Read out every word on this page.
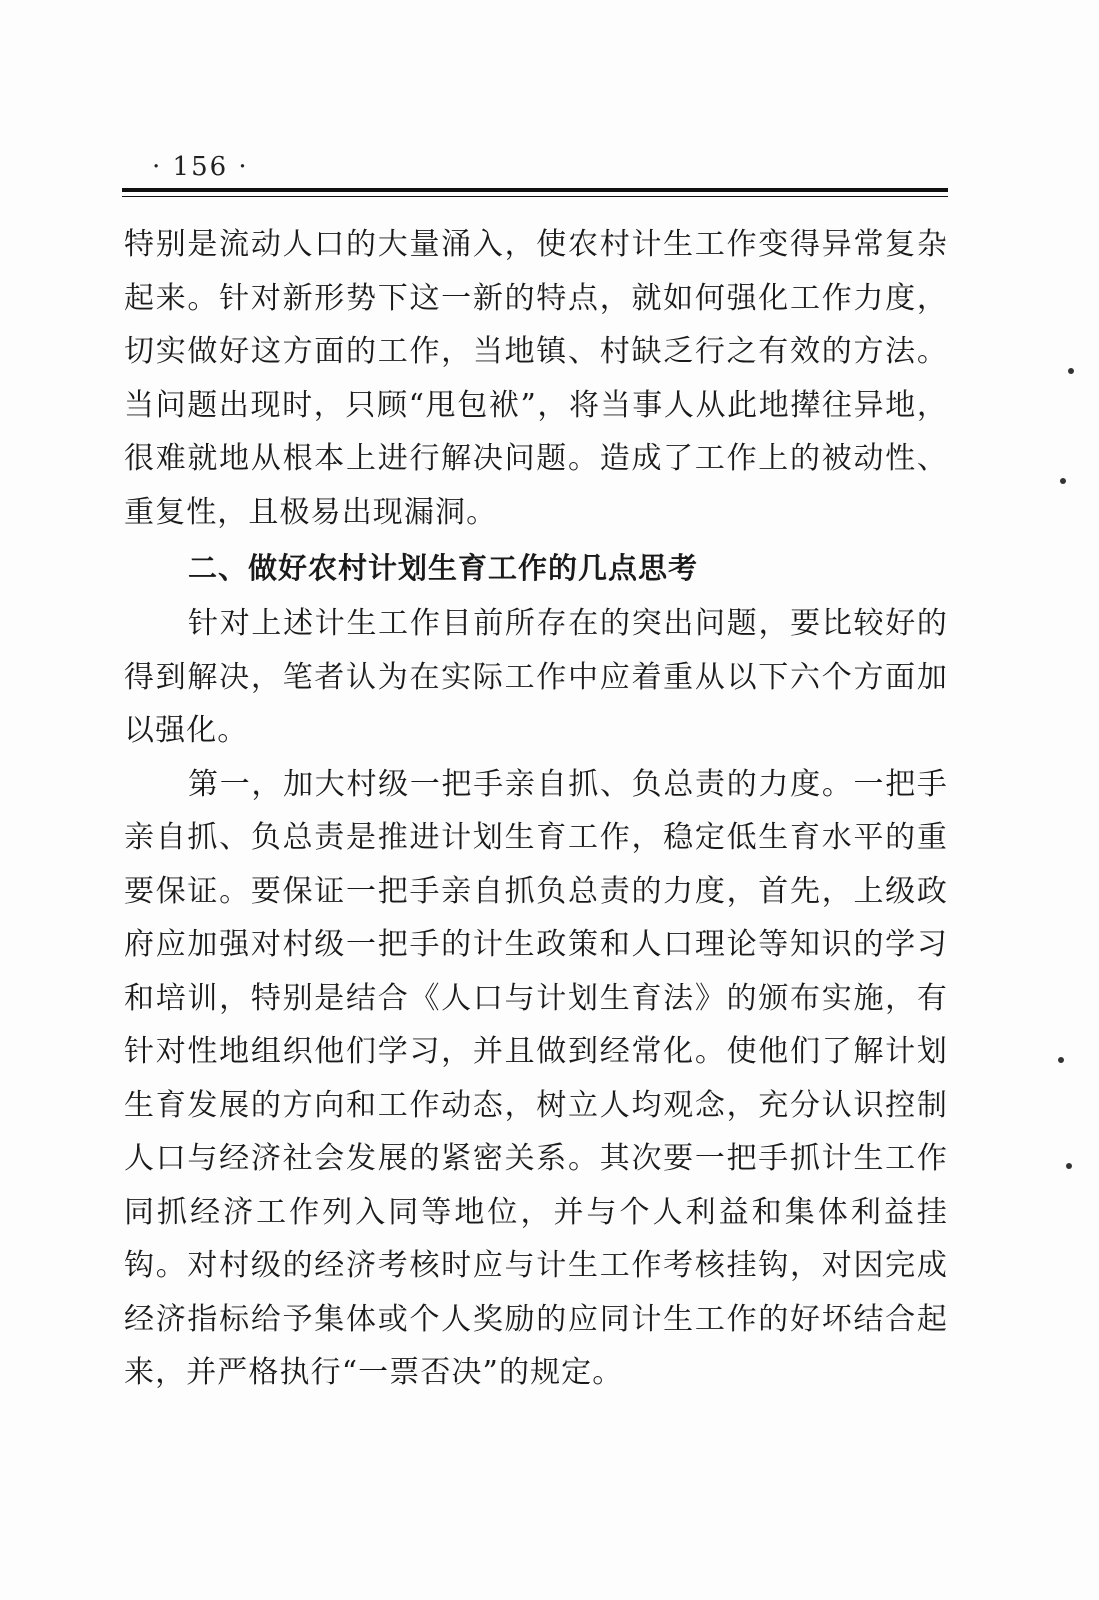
· 156 ·

特别是流动人口的大量涌入，使农村计生工作变得异常复杂起来。针对新形势下这一新的特点，就如何强化工作力度，切实做好这方面的工作，当地镇、村缺乏行之有效的方法。当问题出现时，只顾“甩包袱”，将当事人从此地撵往异地，很难就地从根本上进行解决问题。造成了工作上的被动性、重复性，且极易出现漏洞。

二、做好农村计划生育工作的几点思考

针对上述计生工作目前所存在的突出问题，要比较好的得到解决，笔者认为在实际工作中应着重从以下六个方面加以强化。

第一，加大村级一把手亲自抓、负总责的力度。一把手亲自抓、负总责是推进计划生育工作，稳定低生育水平的重要保证。要保证一把手亲自抓负总责的力度，首先，上级政府应加强对村级一把手的计生政策和人口理论等知识的学习和培训，特别是结合《人口与计划生育法》的颁布实施，有针对性地组织他们学习，并且做到经常化。使他们了解计划生育发展的方向和工作动态，树立人均观念，充分认识控制人口与经济社会发展的紧密关系。其次要一把手抓计生工作同抓经济工作列入同等地位，并与个人利益和集体利益挂钩。对村级的经济考核时应与计生工作考核挂钩，对因完成经济指标给予集体或个人奖励的应同计生工作的好坏结合起来，并严格执行“一票否决”的规定。
